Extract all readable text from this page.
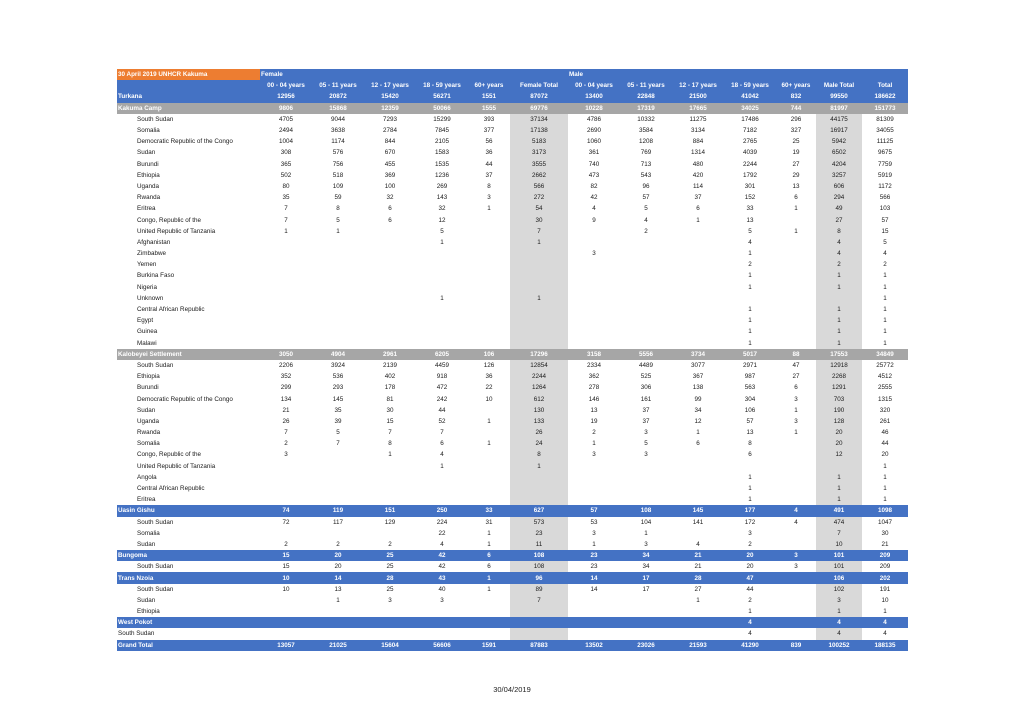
30 April 2019 UNHCR Kakuma	Female						Male						
	00 - 04 years	05 - 11 years	12 - 17 years	18 - 59 years	60+ years	Female Total	00 - 04 years	05 - 11 years	12 - 17 years	18 - 59 years	60+ years	Male Total	Total
Turkana	12956	20872	15420	56271	1551	87072	13400	22848	21500	41042	832	99550	186622
Kakuma Camp	9806	15868	12359	50066	1555	69776	10228	17319	17665	34025	744	81997	151773
South Sudan	4705	9044	7293	15299	393	37134	4786	10332	11275	17486	296	44175	81309
Somalia	2494	3638	2784	7845	377	17138	2690	3584	3134	7182	327	16917	34055
Democratic Republic of the Congo	1004	1174	844	2105	56	5183	1060	1208	884	2765	25	5942	11125
Sudan	308	576	670	1583	36	3173	361	769	1314	4039	19	6502	9675
Burundi	365	756	455	1535	44	3555	740	713	480	2244	27	4204	7759
Ethiopia	502	518	369	1236	37	2662	473	543	420	1792	29	3257	5919
Uganda	80	109	100	269	8	566	82	96	114	301	13	606	1172
Rwanda	35	59	32	143	3	272	42	57	37	152	6	294	566
Eritrea	7	8	6	32	1	54	4	5	6	33	1	49	103
Congo, Republic of the	7	5	6	12		30	9	4	1	13		27	57
United Republic of Tanzania	1	1		5		7		2		5	1	8	15
Afghanistan				1		1				4		4	5
Zimbabwe							3			1		4	4
Yemen										2		2	2
Burkina Faso										1		1	1
Nigeria										1		1	1
Unknown				1		1							1
Central African Republic										1		1	1
Egypt										1		1	1
Guinea										1		1	1
Malawi										1		1	1
Kalobeyei Settlement	3050	4904	2961	6205	106	17296	3158	5556	3734	5017	88	17553	34849
South Sudan	2206	3924	2139	4459	126	12854	2334	4489	3077	2971	47	12918	25772
Ethiopia	352	536	402	918	36	2244	362	525	367	987	27	2268	4512
Burundi	299	293	178	472	22	1264	278	306	138	563	6	1291	2555
Democratic Republic of the Congo	134	145	81	242	10	612	146	161	99	304	3	703	1315
Sudan	21	35	30	44		130	13	37	34	106	1	190	320
Uganda	26	39	15	52	1	133	19	37	12	57	3	128	261
Rwanda	7	5	7	7		26	2	3	1	13	1	20	46
Somalia	2	7	8	6	1	24	1	5	6	8		20	44
Congo, Republic of the	3		1	4		8	3	3		6		12	20
United Republic of Tanzania				1		1							1
Angola										1		1	1
Central African Republic										1		1	1
Eritrea										1		1	1
Uasin Gishu	74	119	151	250	33	627	57	108	145	177	4	491	1098
South Sudan	72	117	129	224	31	573	53	104	141	172	4	474	1047
Somalia				22	1	23	3	1		3		7	30
Sudan	2	2	2	4	1	11	1	3	4	2		10	21
Bungoma	15	20	25	42	6	108	23	34	21	20	3	101	209
South Sudan	15	20	25	42	6	108	23	34	21	20	3	101	209
Trans Nzoia	10	14	28	43	1	96	14	17	28	47		106	202
South Sudan	10	13	25	40	1	89	14	17	27	44		102	191
Sudan		1	3	3		7			1	2		3	10
Ethiopia										1		1	1
West Pokot										4		4	4
South Sudan										4		4	4
Grand Total	13057	21025	15604	56606	1591	87883	13502	23026	21593	41290	839	100252	188135
30/04/2019
